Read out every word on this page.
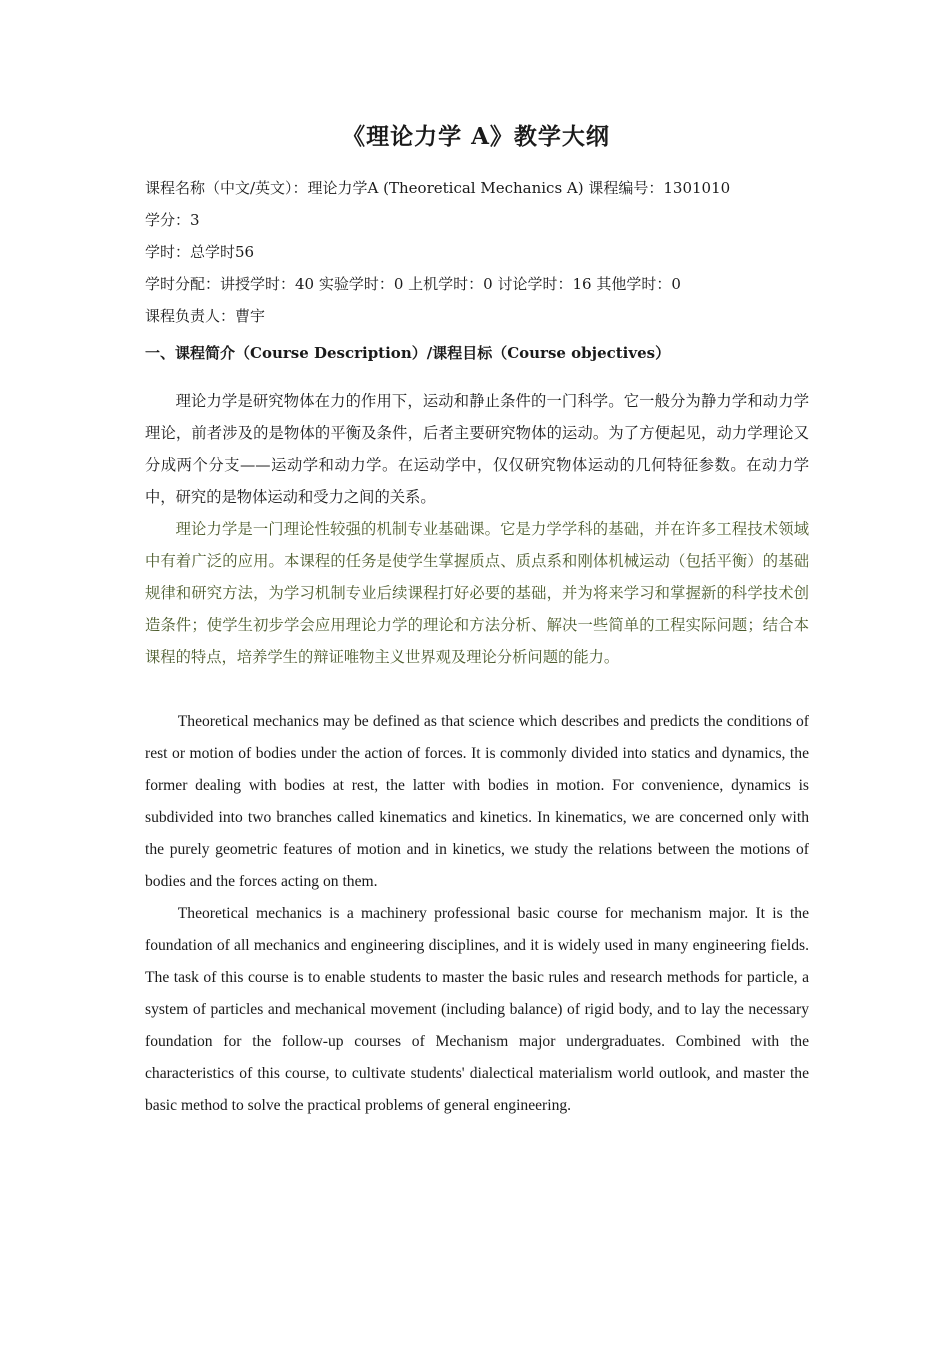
《理论力学 A》教学大纲
课程名称（中文/英文）：理论力学A (Theoretical Mechanics A) 课程编号：1301010
学分：3
学时：总学时56
学时分配：讲授学时：40 实验学时：0 上机学时：0 讨论学时：16 其他学时：0
课程负责人：曹宇
一、课程简介（Course Description）/课程目标（Course objectives）

理论力学是研究物体在力的作用下，运动和静止条件的一门科学。它一般分为静力学和动力学理论，前者涉及的是物体的平衡及条件，后者主要研究物体的运动。为了方便起见，动力学理论又分成两个分支——运动学和动力学。在运动学中，仅仅研究物体运动的几何特征参数。在动力学中，研究的是物体运动和受力之间的关系。

理论力学是一门理论性较强的机制专业基础课。它是力学学科的基础，并在许多工程技术领域中有着广泛的应用。本课程的任务是使学生掌握质点、质点系和刚体机械运动（包括平衡）的基础规律和研究方法，为学习机制专业后续课程打好必要的基础，并为将来学习和掌握新的科学技术创造条件；使学生初步学会应用理论力学的理论和方法分析、解决一些简单的工程实际问题；结合本课程的特点，培养学生的辩证唯物主义世界观及理论分析问题的能力。

Theoretical mechanics may be defined as that science which describes and predicts the conditions of rest or motion of bodies under the action of forces. It is commonly divided into statics and dynamics, the former dealing with bodies at rest, the latter with bodies in motion. For convenience, dynamics is subdivided into two branches called kinematics and kinetics. In kinematics, we are concerned only with the purely geometric features of motion and in kinetics, we study the relations between the motions of bodies and the forces acting on them.

Theoretical mechanics is a machinery professional basic course for mechanism major. It is the foundation of all mechanics and engineering disciplines, and it is widely used in many engineering fields. The task of this course is to enable students to master the basic rules and research methods for particle, a system of particles and mechanical movement (including balance) of rigid body, and to lay the necessary foundation for the follow-up courses of Mechanism major undergraduates. Combined with the characteristics of this course, to cultivate students' dialectical materialism world outlook, and master the basic method to solve the practical problems of general engineering.
